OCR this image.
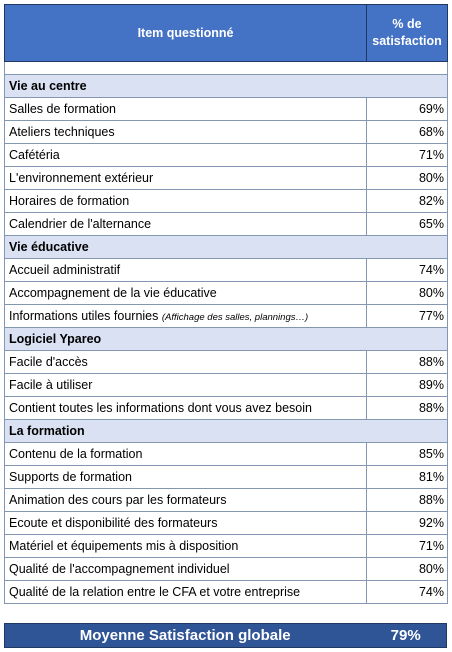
Item questionné	% de
satisfaction

Vie au centre	
Salles de formation	69%
Ateliers techniques	68%
Cafétéria	71%
L'environnement extérieur	80%
Horaires de formation	82%
Calendrier de l'alternance	65%
Vie éducative	
Accueil administratif	74%
Accompagnement de la vie éducative	80%
Informations utiles fournies (Affichage des salles, plannings…)	77%
Logiciel Ypareo	
Facile d'accès	88%
Facile à utiliser	89%
Contient toutes les informations dont vous avez besoin	88%
La formation	
Contenu de la formation	85%
Supports de formation	81%
Animation des cours par les formateurs	88%
Ecoute et disponibilité des formateurs	92%
Matériel et équipements mis à disposition	71%
Qualité de l'accompagnement individuel	80%
Qualité de la relation entre le CFA et votre entreprise	74%
Moyenne Satisfaction globale	79%
